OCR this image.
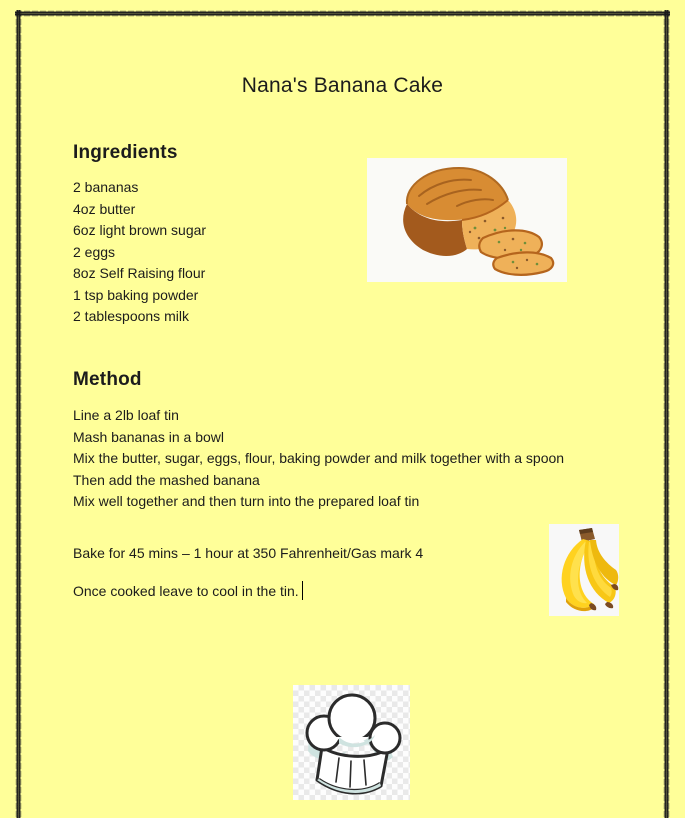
Nana's Banana Cake
Ingredients
2 bananas
4oz butter
6oz light brown sugar
2 eggs
8oz Self Raising flour
1 tsp baking powder
2 tablespoons milk
Method
Line a 2lb loaf tin
Mash bananas in a bowl
Mix the butter, sugar, eggs, flour, baking powder and milk together with a spoon
Then add the mashed banana
Mix well together and then turn into the prepared loaf tin
Bake for 45 mins – 1 hour at 350 Fahrenheit/Gas mark 4
Once cooked leave to cool in the tin.
